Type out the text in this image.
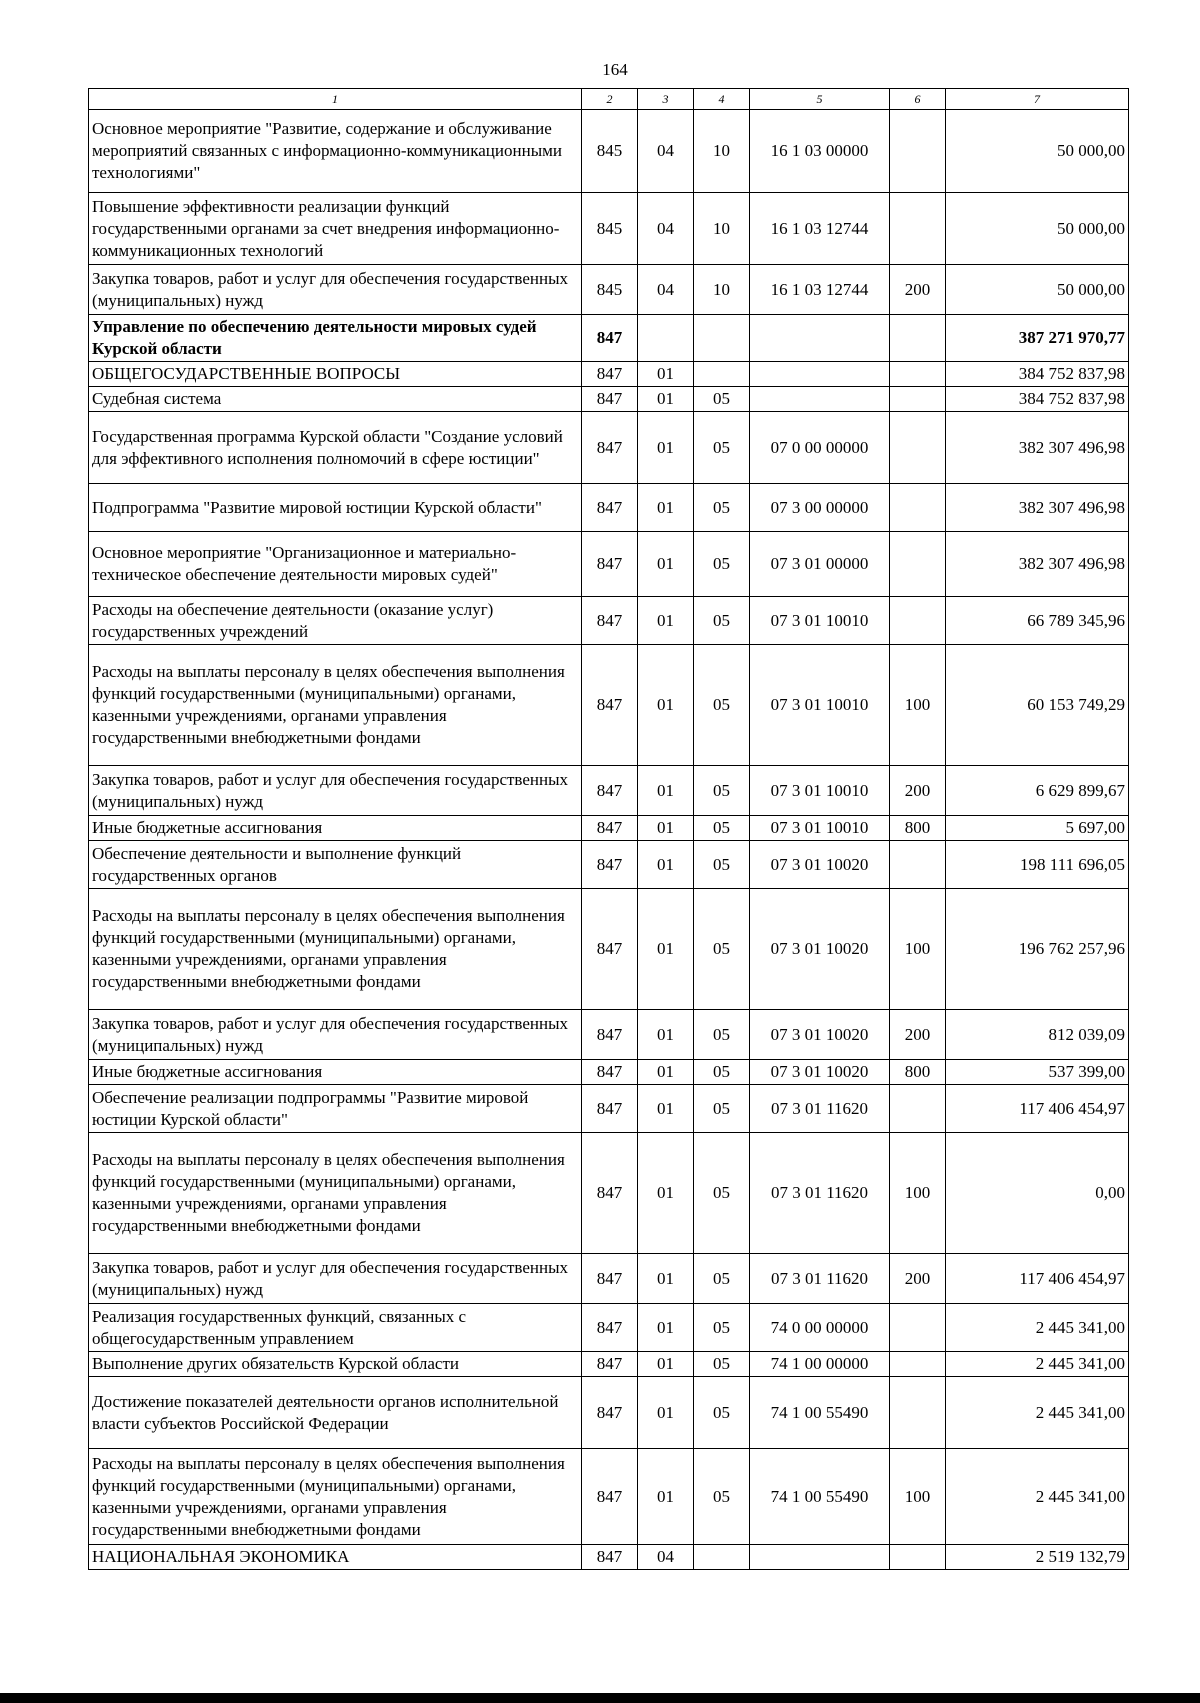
164
1	2	3	4	5	6	7
Основное мероприятие "Развитие, содержание и обслуживание мероприятий связанных с информационно-коммуникационными технологиями"	845	04	10	16 1 03 00000		50 000,00
Повышение эффективности реализации функций государственными органами за счет внедрения информационно-коммуникационных технологий	845	04	10	16 1 03 12744		50 000,00
Закупка товаров, работ и услуг для обеспечения государственных (муниципальных) нужд	845	04	10	16 1 03 12744	200	50 000,00
Управление по обеспечению деятельности мировых судей Курской области	847					387 271 970,77
ОБЩЕГОСУДАРСТВЕННЫЕ ВОПРОСЫ	847	01				384 752 837,98
Судебная система	847	01	05			384 752 837,98
Государственная программа Курской области "Создание условий для эффективного исполнения полномочий в сфере юстиции"	847	01	05	07 0 00 00000		382 307 496,98
Подпрограмма "Развитие мировой юстиции Курской области"	847	01	05	07 3 00 00000		382 307 496,98
Основное мероприятие "Организационное и материально-техническое обеспечение деятельности мировых судей"	847	01	05	07 3 01 00000		382 307 496,98
Расходы на обеспечение деятельности (оказание услуг) государственных учреждений	847	01	05	07 3 01 10010		66 789 345,96
Расходы на выплаты персоналу в целях обеспечения выполнения функций государственными (муниципальными) органами, казенными учреждениями, органами управления государственными внебюджетными фондами	847	01	05	07 3 01 10010	100	60 153 749,29
Закупка товаров, работ и услуг для обеспечения государственных (муниципальных) нужд	847	01	05	07 3 01 10010	200	6 629 899,67
Иные бюджетные ассигнования	847	01	05	07 3 01 10010	800	5 697,00
Обеспечение деятельности и выполнение функций государственных органов	847	01	05	07 3 01 10020		198 111 696,05
Расходы на выплаты персоналу в целях обеспечения выполнения функций государственными (муниципальными) органами, казенными учреждениями, органами управления государственными внебюджетными фондами	847	01	05	07 3 01 10020	100	196 762 257,96
Закупка товаров, работ и услуг для обеспечения государственных (муниципальных) нужд	847	01	05	07 3 01 10020	200	812 039,09
Иные бюджетные ассигнования	847	01	05	07 3 01 10020	800	537 399,00
Обеспечение реализации подпрограммы "Развитие мировой юстиции Курской области"	847	01	05	07 3 01 11620		117 406 454,97
Расходы на выплаты персоналу в целях обеспечения выполнения функций государственными (муниципальными) органами, казенными учреждениями, органами управления государственными внебюджетными фондами	847	01	05	07 3 01 11620	100	0,00
Закупка товаров, работ и услуг для обеспечения государственных (муниципальных) нужд	847	01	05	07 3 01 11620	200	117 406 454,97
Реализация государственных функций, связанных с общегосударственным управлением	847	01	05	74 0 00 00000		2 445 341,00
Выполнение других обязательств Курской области	847	01	05	74 1 00 00000		2 445 341,00
Достижение показателей деятельности органов исполнительной власти субъектов Российской Федерации	847	01	05	74 1 00 55490		2 445 341,00
Расходы на выплаты персоналу в целях обеспечения выполнения функций государственными (муниципальными) органами, казенными учреждениями, органами управления государственными внебюджетными фондами	847	01	05	74 1 00 55490	100	2 445 341,00
НАЦИОНАЛЬНАЯ ЭКОНОМИКА	847	04				2 519 132,79
